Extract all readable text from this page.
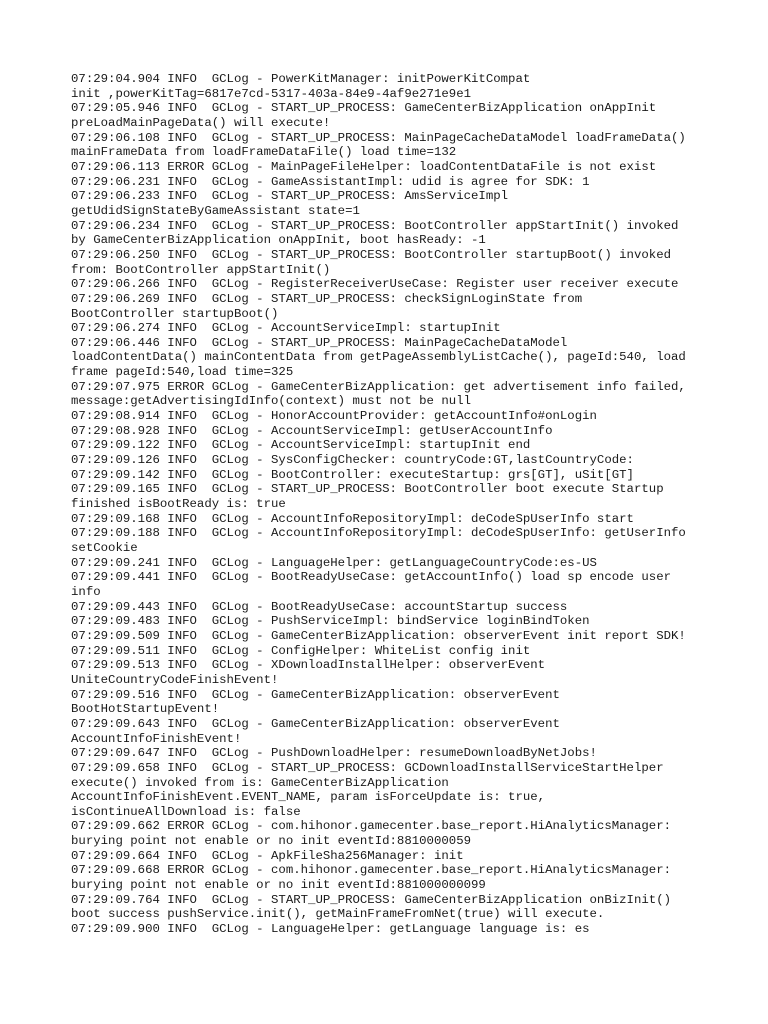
07:29:04.904 INFO  GCLog - PowerKitManager: initPowerKitCompat
init ,powerKitTag=6817e7cd-5317-403a-84e9-4af9e271e9e1
07:29:05.946 INFO  GCLog - START_UP_PROCESS: GameCenterBizApplication onAppInit
preLoadMainPageData() will execute!
07:29:06.108 INFO  GCLog - START_UP_PROCESS: MainPageCacheDataModel loadFrameData()
mainFrameData from loadFrameDataFile() load time=132
07:29:06.113 ERROR GCLog - MainPageFileHelper: loadContentDataFile is not exist
07:29:06.231 INFO  GCLog - GameAssistantImpl: udid is agree for SDK: 1
07:29:06.233 INFO  GCLog - START_UP_PROCESS: AmsServiceImpl
getUdidSignStateByGameAssistant state=1
07:29:06.234 INFO  GCLog - START_UP_PROCESS: BootController appStartInit() invoked
by GameCenterBizApplication onAppInit, boot hasReady: -1
07:29:06.250 INFO  GCLog - START_UP_PROCESS: BootController startupBoot() invoked
from: BootController appStartInit()
07:29:06.266 INFO  GCLog - RegisterReceiverUseCase: Register user receiver execute
07:29:06.269 INFO  GCLog - START_UP_PROCESS: checkSignLoginState from
BootController startupBoot()
07:29:06.274 INFO  GCLog - AccountServiceImpl: startupInit
07:29:06.446 INFO  GCLog - START_UP_PROCESS: MainPageCacheDataModel
loadContentData() mainContentData from getPageAssemblyListCache(), pageId:540, load
frame pageId:540,load time=325
07:29:07.975 ERROR GCLog - GameCenterBizApplication: get advertisement info failed,
message:getAdvertisingIdInfo(context) must not be null
07:29:08.914 INFO  GCLog - HonorAccountProvider: getAccountInfo#onLogin
07:29:08.928 INFO  GCLog - AccountServiceImpl: getUserAccountInfo
07:29:09.122 INFO  GCLog - AccountServiceImpl: startupInit end
07:29:09.126 INFO  GCLog - SysConfigChecker: countryCode:GT,lastCountryCode:
07:29:09.142 INFO  GCLog - BootController: executeStartup: grs[GT], uSit[GT]
07:29:09.165 INFO  GCLog - START_UP_PROCESS: BootController boot execute Startup
finished isBootReady is: true
07:29:09.168 INFO  GCLog - AccountInfoRepositoryImpl: deCodeSpUserInfo start
07:29:09.188 INFO  GCLog - AccountInfoRepositoryImpl: deCodeSpUserInfo: getUserInfo
setCookie
07:29:09.241 INFO  GCLog - LanguageHelper: getLanguageCountryCode:es-US
07:29:09.441 INFO  GCLog - BootReadyUseCase: getAccountInfo() load sp encode user
info
07:29:09.443 INFO  GCLog - BootReadyUseCase: accountStartup success
07:29:09.483 INFO  GCLog - PushServiceImpl: bindService loginBindToken
07:29:09.509 INFO  GCLog - GameCenterBizApplication: observerEvent init report SDK!
07:29:09.511 INFO  GCLog - ConfigHelper: WhiteList config init
07:29:09.513 INFO  GCLog - XDownloadInstallHelper: observerEvent
UniteCountryCodeFinishEvent!
07:29:09.516 INFO  GCLog - GameCenterBizApplication: observerEvent
BootHotStartupEvent!
07:29:09.643 INFO  GCLog - GameCenterBizApplication: observerEvent
AccountInfoFinishEvent!
07:29:09.647 INFO  GCLog - PushDownloadHelper: resumeDownloadByNetJobs!
07:29:09.658 INFO  GCLog - START_UP_PROCESS: GCDownloadInstallServiceStartHelper
execute() invoked from is: GameCenterBizApplication
AccountInfoFinishEvent.EVENT_NAME, param isForceUpdate is: true,
isContinueAllDownload is: false
07:29:09.662 ERROR GCLog - com.hihonor.gamecenter.base_report.HiAnalyticsManager:
burying point not enable or no init eventId:8810000059
07:29:09.664 INFO  GCLog - ApkFileSha256Manager: init
07:29:09.668 ERROR GCLog - com.hihonor.gamecenter.base_report.HiAnalyticsManager:
burying point not enable or no init eventId:881000000099
07:29:09.764 INFO  GCLog - START_UP_PROCESS: GameCenterBizApplication onBizInit()
boot success pushService.init(), getMainFrameFromNet(true) will execute.
07:29:09.900 INFO  GCLog - LanguageHelper: getLanguage language is: es
